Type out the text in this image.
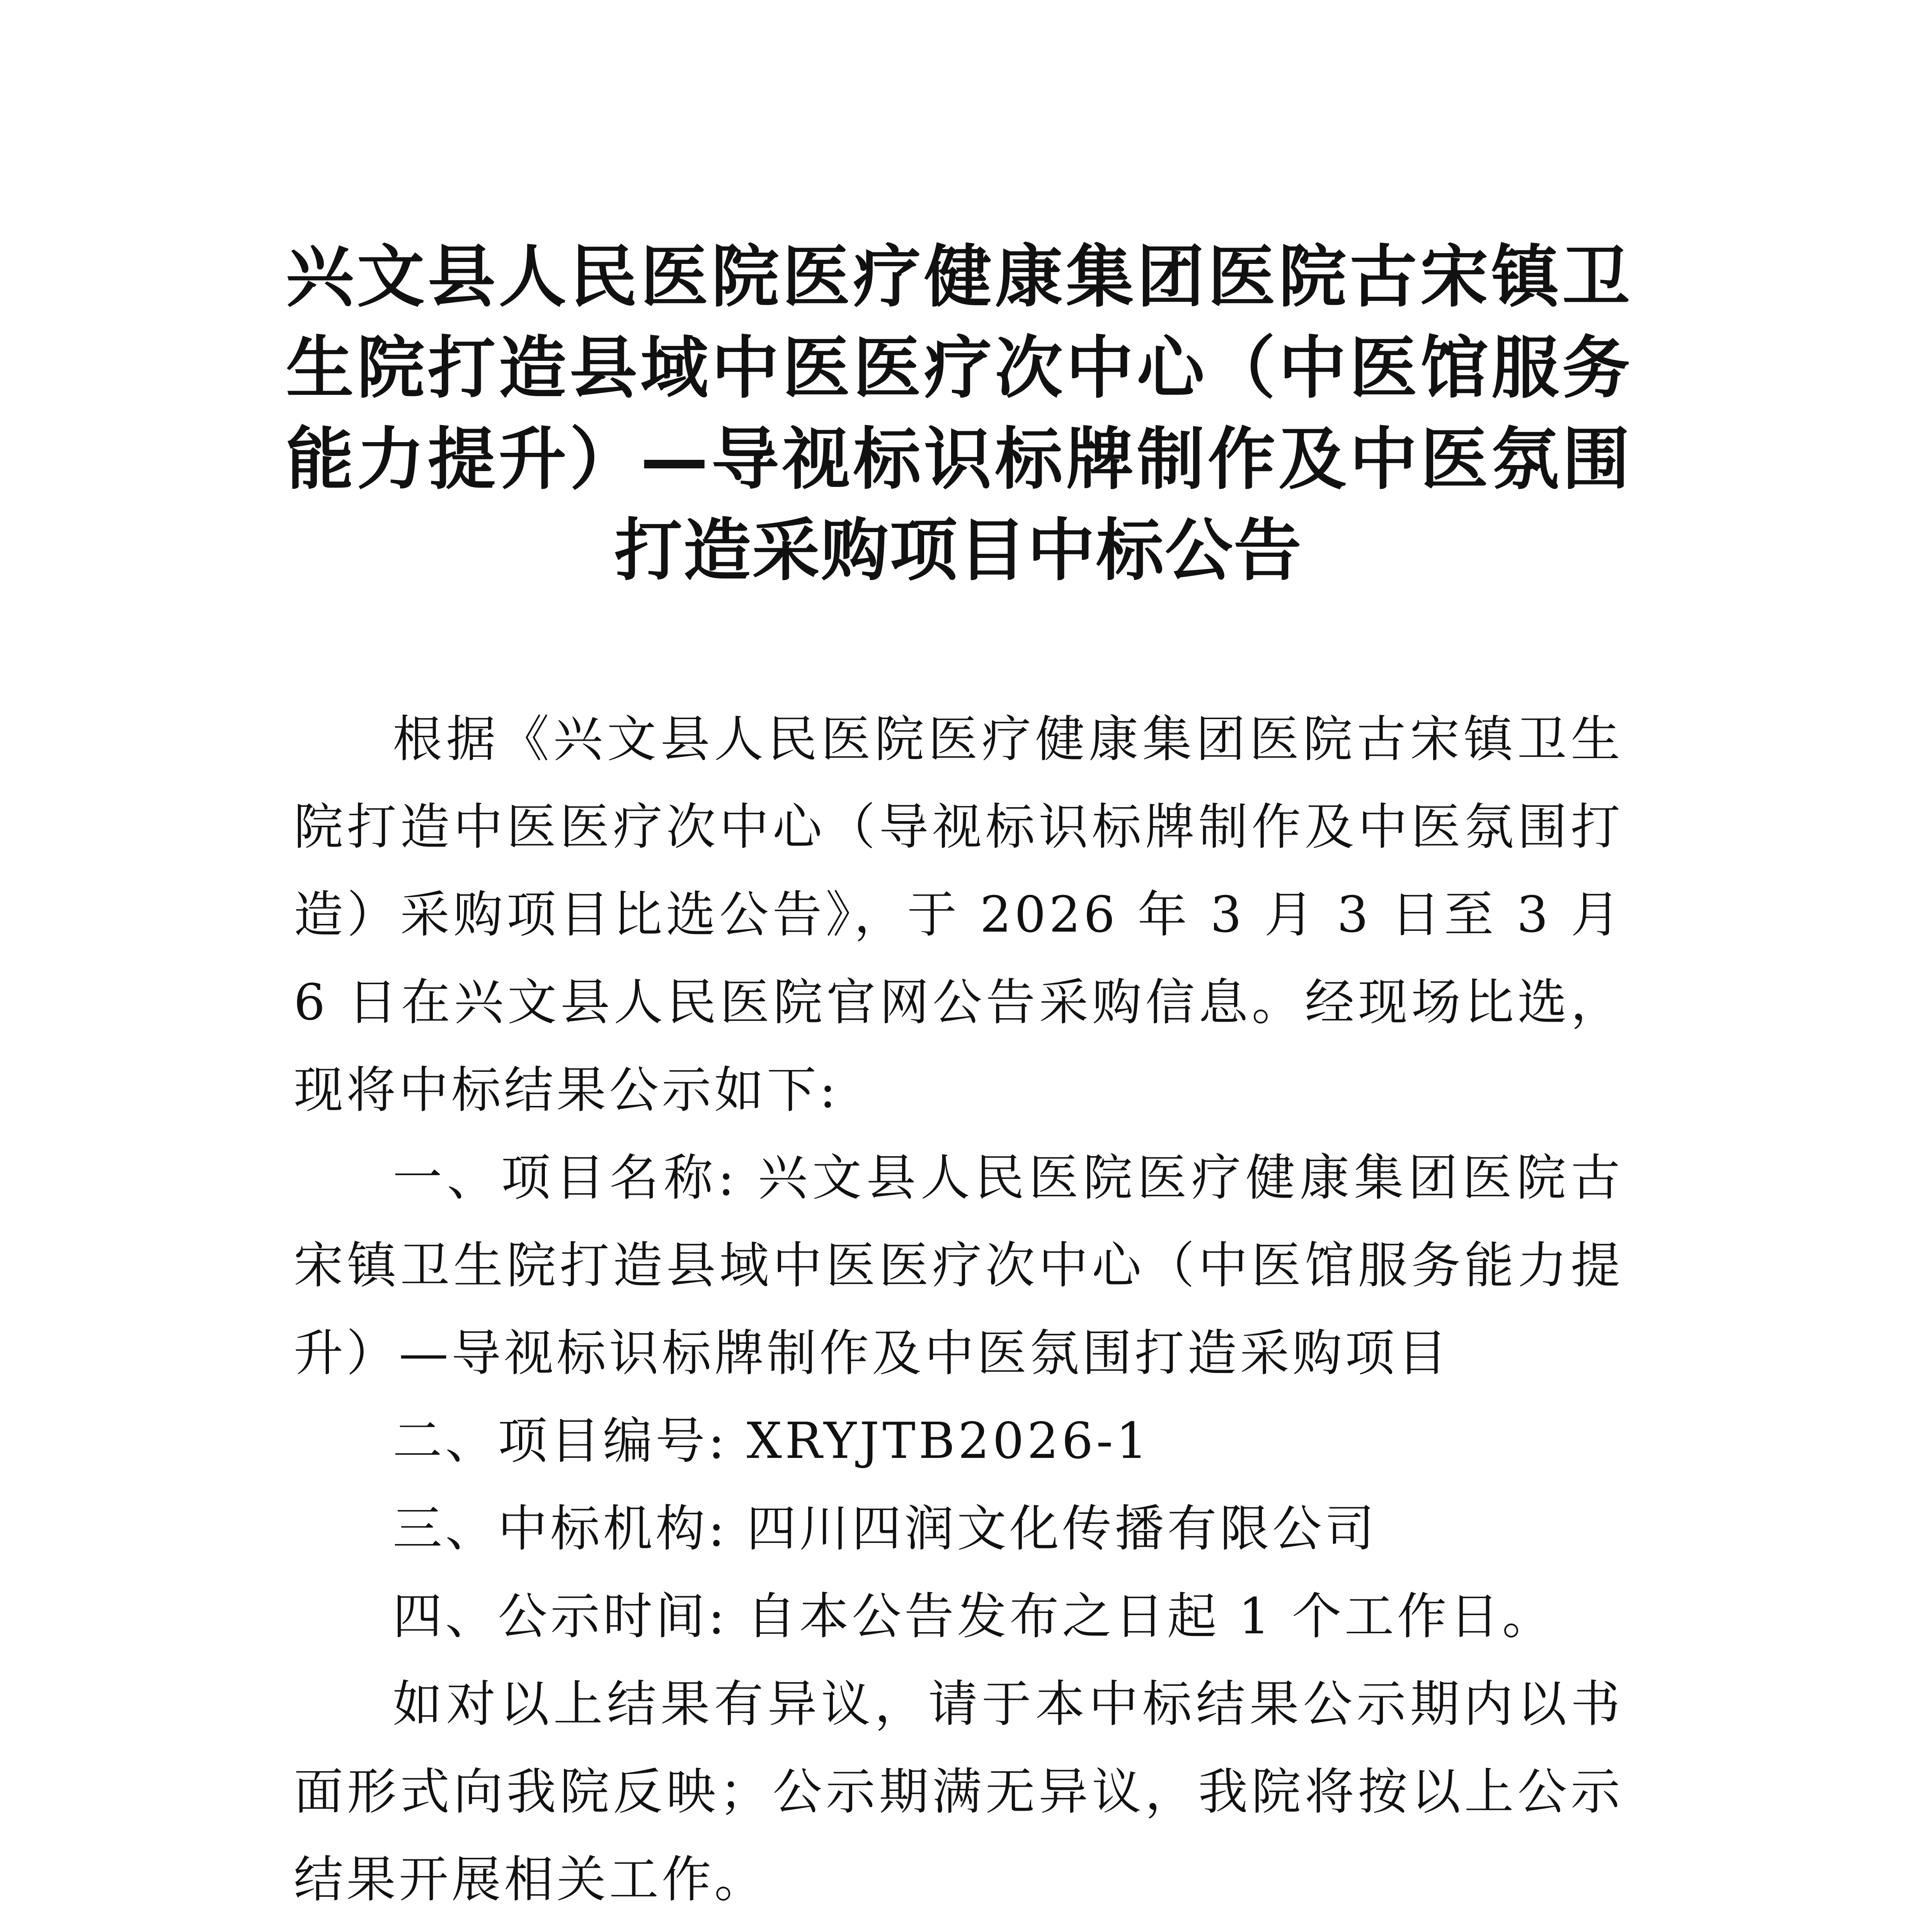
兴文县人民医院医疗健康集团医院古宋镇卫生院打造县域中医医疗次中心（中医馆服务能力提升）—导视标识标牌制作及中医氛围打造采购项目中标公告

根据《兴文县人民医院医疗健康集团医院古宋镇卫生院打造中医医疗次中心（导视标识标牌制作及中医氛围打造）采购项目比选公告》，于 2026 年 3 月 3 日至 3 月 6 日在兴文县人民医院官网公告采购信息。经现场比选，现将中标结果公示如下:

一、项目名称: 兴文县人民医院医疗健康集团医院古宋镇卫生院打造县域中医医疗次中心（中医馆服务能力提升）—导视标识标牌制作及中医氛围打造采购项目

二、项目编号: XRYJTB2026-1

三、中标机构: 四川四润文化传播有限公司

四、公示时间: 自本公告发布之日起 1 个工作日。

如对以上结果有异议，请于本中标结果公示期内以书面形式向我院反映；公示期满无异议，我院将按以上公示结果开展相关工作。
